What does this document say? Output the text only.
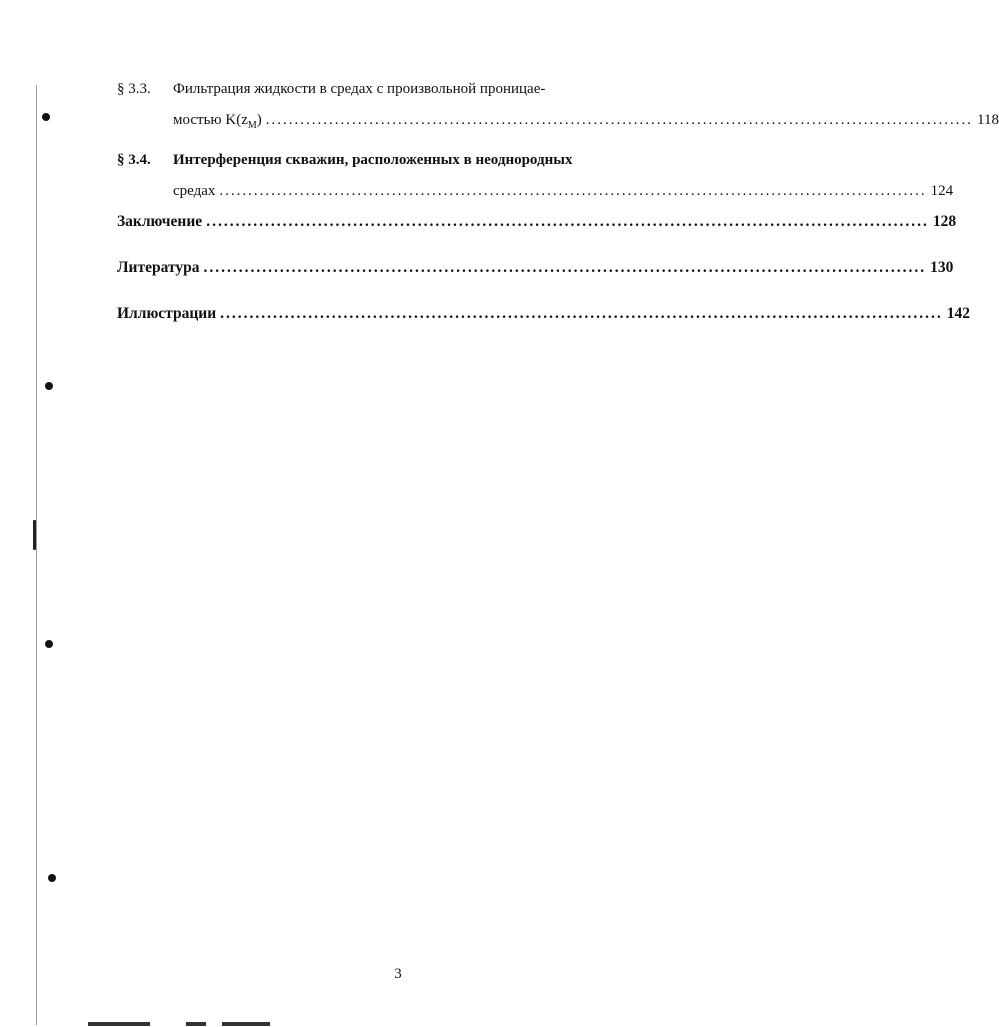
§ 3.3.	Фильтрация жидкости в средах с произвольной проницае-
мостью $K(z_M)$ ........................................................................................................................... 118
§ 3.4.	Интерференция скважин, расположенных в неоднородных
средах ........................................................................................................................... 124
Заключение ........................................................................................................................... 128
Литература ........................................................................................................................... 130
Иллюстрации ........................................................................................................................... 142
3
